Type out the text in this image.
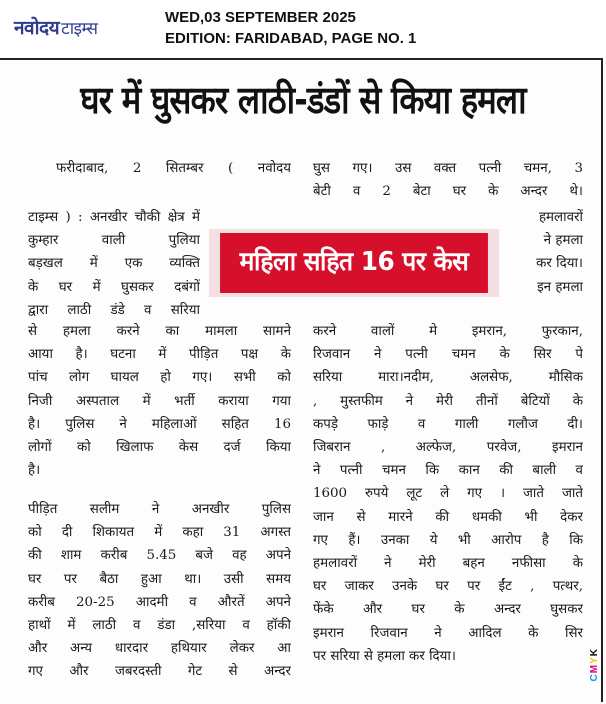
नवोदय टाइम्स
WED,03 SEPTEMBER 2025
EDITION: FARIDABAD, PAGE NO. 1
घर में घुसकर लाठी-डंडों से किया हमला
फरीदाबाद, 2 सितम्बर ( नवोदय
टाइम्स ) : अनखीर चौकी क्षेत्र में
कुम्हार वाली पुलिया
बड़खल में एक व्यक्ति
के घर में घुसकर दबंगों
द्वारा लाठी डंडे व सरिया
से हमला करने का मामला सामने
आया है। घटना में पीड़ित पक्ष के
पांच लोग घायल हो गए। सभी को
निजी अस्पताल में भर्ती कराया गया
है। पुलिस ने महिलाओं सहित 16
लोगों को खिलाफ केस दर्ज किया
है।
पीड़ित सलीम ने अनखीर पुलिस
को दी शिकायत में कहा 31 अगस्त
की शाम करीब 5.45 बजे वह अपने
घर पर बैठा हुआ था। उसी समय
करीब 20-25 आदमी व औरतें अपने
हाथों में लाठी व डंडा ,सरिया व हॉकी
और अन्य धारदार हथियार लेकर आ
गए और जबरदस्ती गेट से अन्दर
घुस गए। उस वक्त पत्नी चमन, 3
बेटी व 2 बेटा घर के अन्दर थे।
हमलावरों
ने हमला
कर दिया।
इन हमला
करने वालों मे इमरान, फुरकान,
रिजवान ने पत्नी चमन के सिर पे
सरिया मारा।नदीम, अलसेफ, मौसिक
, मुस्तफीम ने मेरी तीनों बेटियों के
कपड़े फाड़े व गाली गलौज दी।
जिबरान , अल्फेज, परवेज, इमरान
ने पत्नी चमन कि कान की बाली व
1600 रुपये लूट ले गए । जाते जाते
जान से मारने की धमकी भी देकर
गए हैं। उनका ये भी आरोप है कि
हमलावरों ने मेरी बहन नफीसा के
घर जाकर उनके घर पर ईंट , पत्थर,
फेंके और घर के अन्दर घुसकर
इमरान रिजवान ने आदिल के सिर
पर सरिया से हमला कर दिया।
महिला सहित 16 पर केस
CMYK
